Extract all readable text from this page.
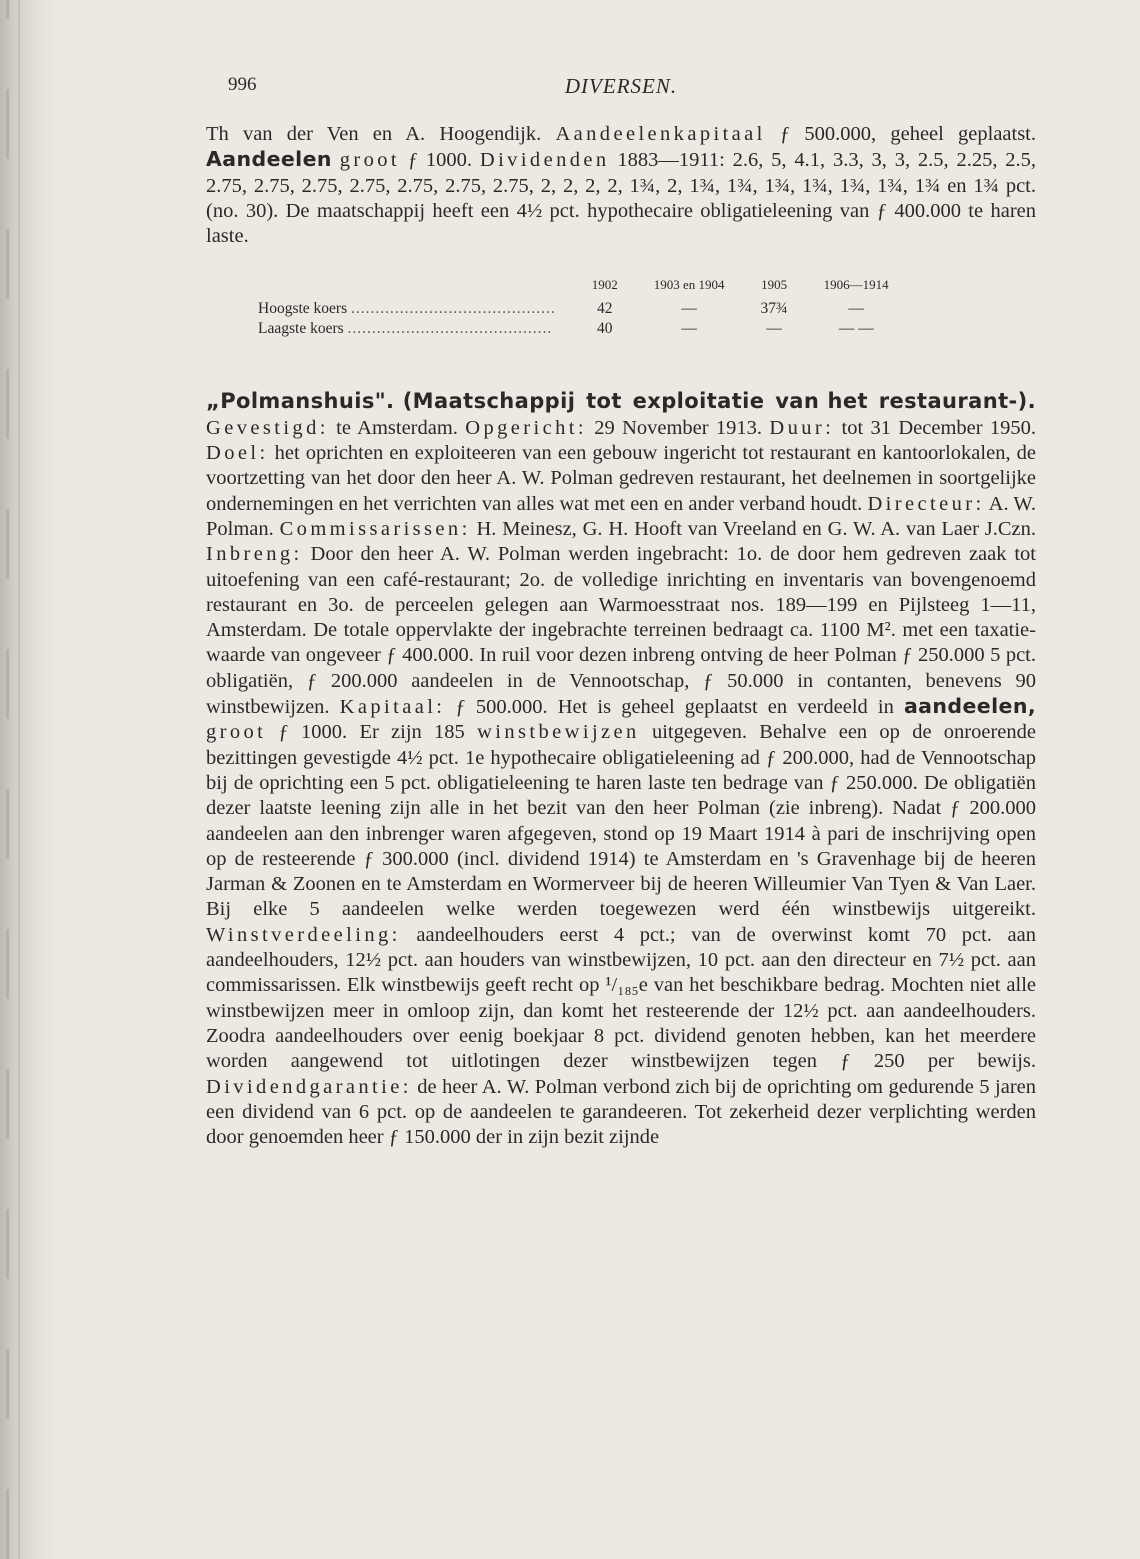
996	DIVERSEN.

Th van der Ven en A. Hoogendijk. Aandeelenkapitaal ƒ 500.000, geheel geplaatst. Aandeelen groot ƒ 1000. Dividenden 1883—1911: 2.6, 5, 4.1, 3.3, 3, 3, 2.5, 2.25, 2.5, 2.75, 2.75, 2.75, 2.75, 2.75, 2.75, 2.75, 2, 2, 2, 2, 1¾, 2, 1¾, 1¾, 1¾, 1¾, 1¾, 1¾, 1¾ en 1¾ pct. (no. 30). De maatschappij heeft een 4½ pct. hypothecaire obligatieleening van ƒ 400.000 te haren laste.

	1902	1903 en 1904	1905	1906—1914
Hoogste koers ..........................................	42	—	37¾	—
Laagste koers ..........................................	40	—	—	— —

„Polmanshuis". (Maatschappij tot exploitatie van het restaurant-). Gevestigd: te Amsterdam. Opgericht: 29 November 1913. Duur: tot 31 December 1950. Doel: het oprichten en exploiteeren van een gebouw ingericht tot restaurant en kantoorlokalen, de voortzetting van het door den heer A. W. Polman gedreven restaurant, het deelnemen in soortgelijke ondernemingen en het verrichten van alles wat met een en ander verband houdt. Directeur: A. W. Polman. Commissarissen: H. Meinesz, G. H. Hooft van Vreeland en G. W. A. van Laer J.Czn. Inbreng: Door den heer A. W. Polman werden ingebracht: 1o. de door hem gedreven zaak tot uitoefening van een café-restaurant; 2o. de volledige inrichting en inventaris van bovengenoemd restaurant en 3o. de perceelen gelegen aan Warmoesstraat nos. 189—199 en Pijlsteeg 1—11, Amsterdam. De totale oppervlakte der ingebrachte terreinen bedraagt ca. 1100 M². met een taxatie-waarde van ongeveer ƒ 400.000. In ruil voor dezen inbreng ontving de heer Polman ƒ 250.000 5 pct. obligatiën, ƒ 200.000 aandeelen in de Vennootschap, ƒ 50.000 in contanten, benevens 90 winstbewijzen. Kapitaal: ƒ 500.000. Het is geheel geplaatst en verdeeld in aandeelen, groot ƒ 1000. Er zijn 185 winstbewijzen uitgegeven. Behalve een op de onroerende bezittingen gevestigde 4½ pct. 1e hypothecaire obligatieleening ad ƒ 200.000, had de Vennootschap bij de oprichting een 5 pct. obligatieleening te haren laste ten bedrage van ƒ 250.000. De obligatiën dezer laatste leening zijn alle in het bezit van den heer Polman (zie inbreng). Nadat ƒ 200.000 aandeelen aan den inbrenger waren afgegeven, stond op 19 Maart 1914 à pari de inschrijving open op de resteerende ƒ 300.000 (incl. dividend 1914) te Amsterdam en 's Gravenhage bij de heeren Jarman & Zoonen en te Amsterdam en Wormerveer bij de heeren Willeumier Van Tyen & Van Laer. Bij elke 5 aandeelen welke werden toegewezen werd één winstbewijs uitgereikt. Winstverdeeling: aandeelhouders eerst 4 pct.; van de overwinst komt 70 pct. aan aandeelhouders, 12½ pct. aan houders van winstbewijzen, 10 pct. aan den directeur en 7½ pct. aan commissarissen. Elk winstbewijs geeft recht op ¹/₁₈₅e van het beschikbare bedrag. Mochten niet alle winstbewijzen meer in omloop zijn, dan komt het resteerende der 12½ pct. aan aandeelhouders. Zoodra aandeelhouders over eenig boekjaar 8 pct. dividend genoten hebben, kan het meerdere worden aangewend tot uitlotingen dezer winstbewijzen tegen ƒ 250 per bewijs. Dividendgarantie: de heer A. W. Polman verbond zich bij de oprichting om gedurende 5 jaren een dividend van 6 pct. op de aandeelen te garandeeren. Tot zekerheid dezer verplichting werden door genoemden heer ƒ 150.000 der in zijn bezit zijnde
